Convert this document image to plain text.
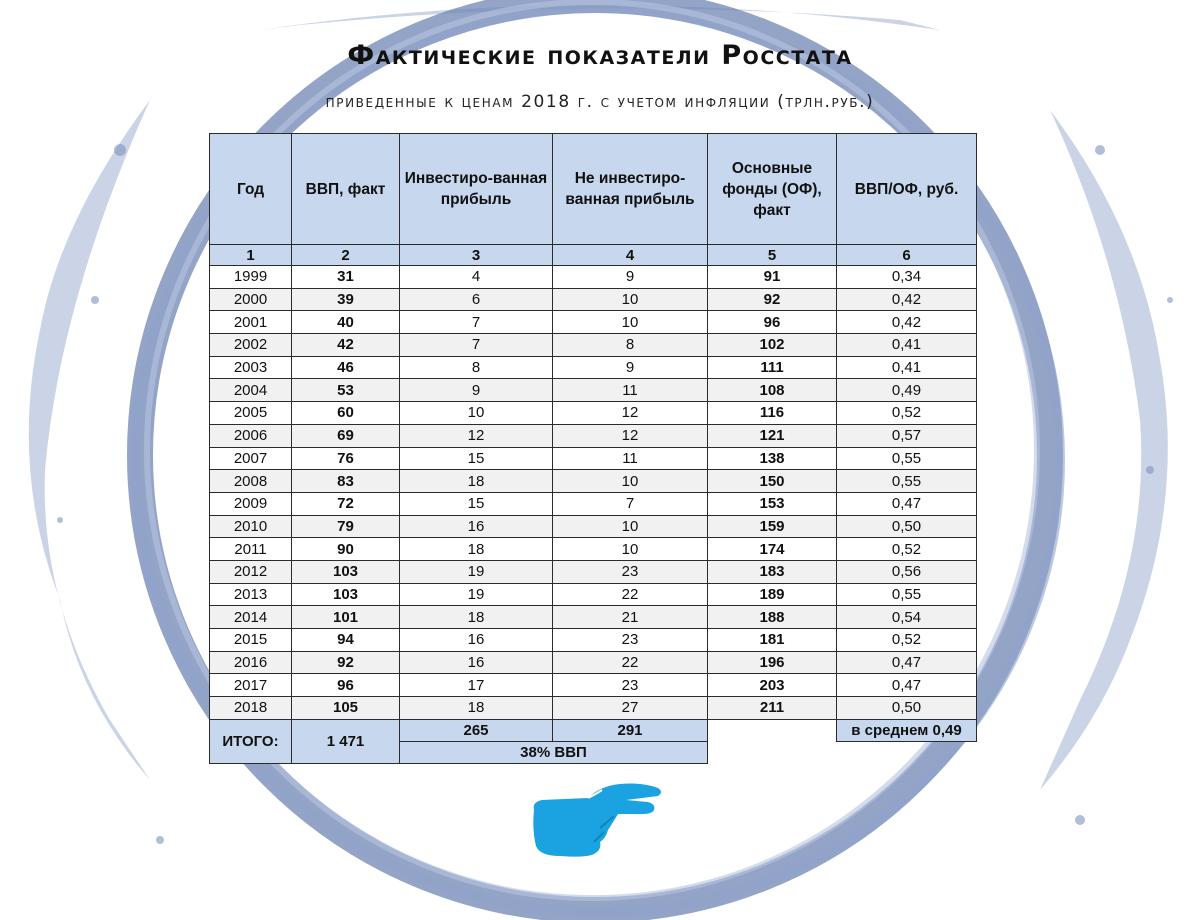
Фактические показатели Росстата
приведенные к ценам 2018 г. с учетом инфляции (трлн.руб.)
Год	ВВП, факт	Инвестиро-ванная прибыль	Не инвестиро-ванная прибыль	Основные фонды (ОФ), факт	ВВП/ОФ, руб.
1	2	3	4	5	6
1999	31	4	9	91	0,34
2000	39	6	10	92	0,42
2001	40	7	10	96	0,42
2002	42	7	8	102	0,41
2003	46	8	9	111	0,41
2004	53	9	11	108	0,49
2005	60	10	12	116	0,52
2006	69	12	12	121	0,57
2007	76	15	11	138	0,55
2008	83	18	10	150	0,55
2009	72	15	7	153	0,47
2010	79	16	10	159	0,50
2011	90	18	10	174	0,52
2012	103	19	23	183	0,56
2013	103	19	22	189	0,55
2014	101	18	21	188	0,54
2015	94	16	23	181	0,52
2016	92	16	22	196	0,47
2017	96	17	23	203	0,47
2018	105	18	27	211	0,50
ИТОГО:	1 471	265	291		в среднем 0,49
		38% ВВП			
